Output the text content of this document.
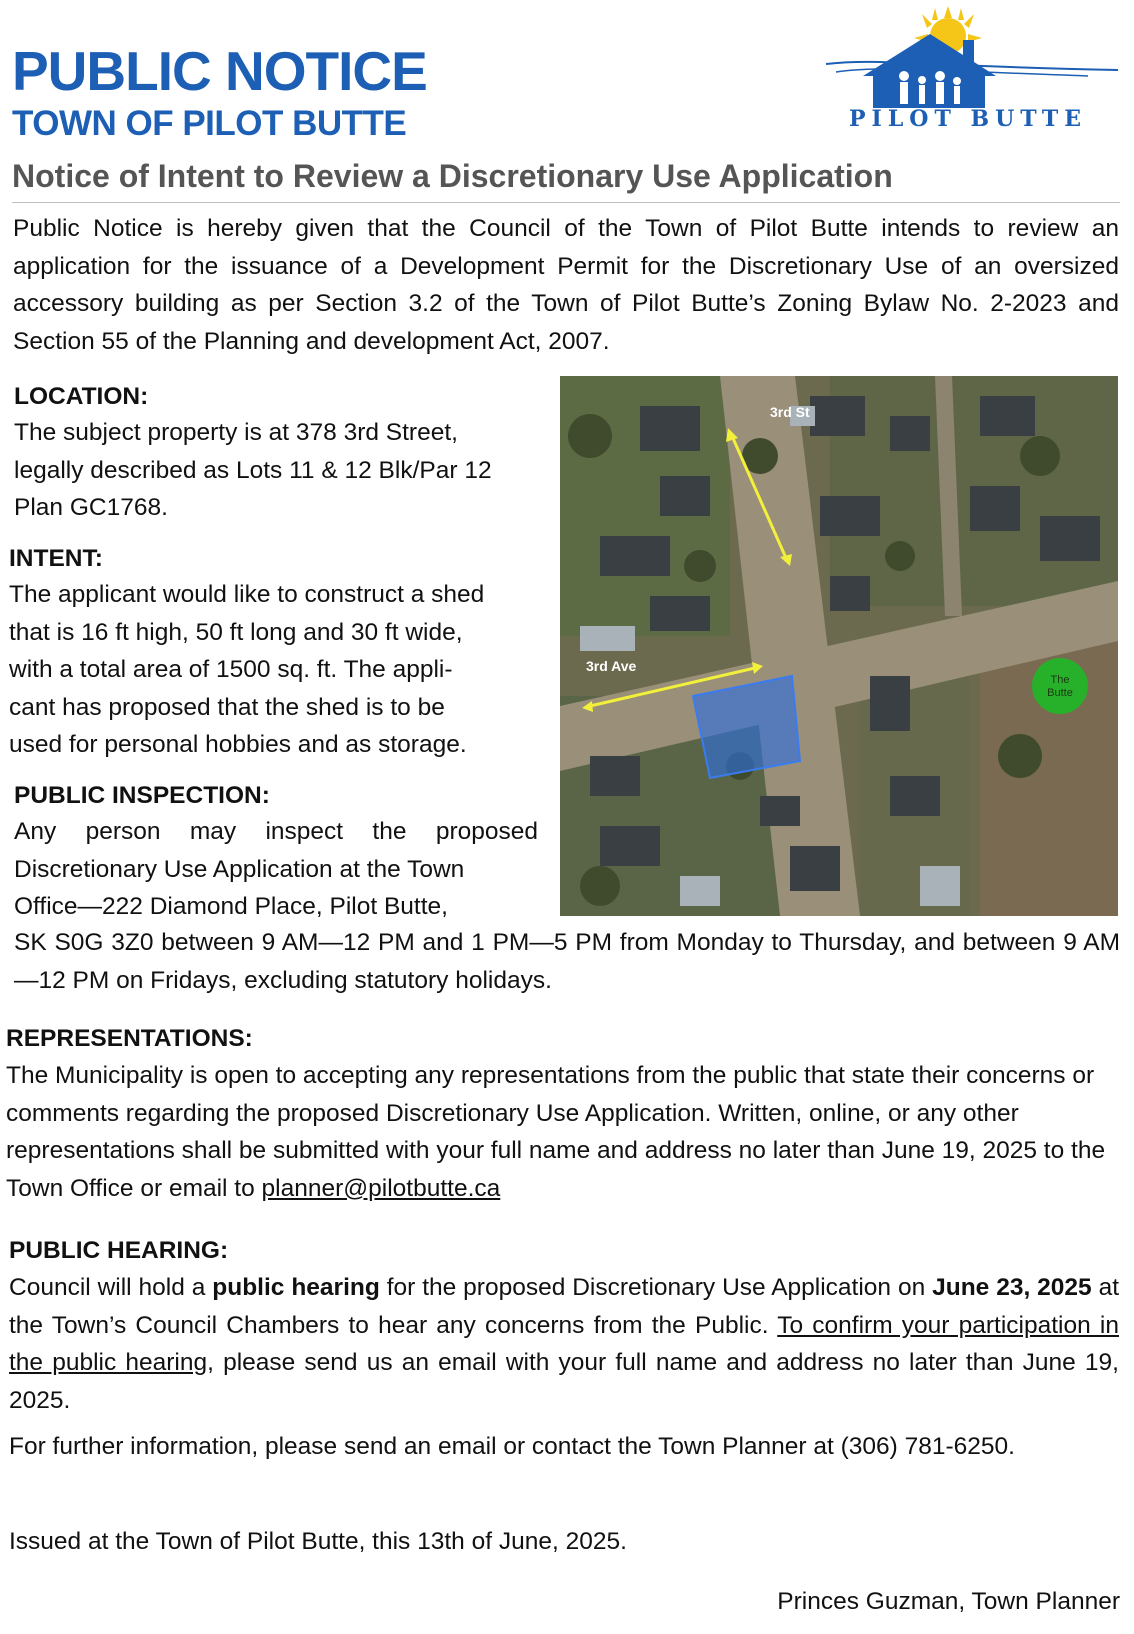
PUBLIC NOTICE
TOWN OF PILOT BUTTE	PILOT BUTTE
Notice of Intent to Review a Discretionary Use Application
Public Notice is hereby given that the Council of the Town of Pilot Butte intends to review an application for the issuance of a Development Permit for the Discretionary Use of an oversized accessory building as per Section 3.2 of the Town of Pilot Butte’s Zoning Bylaw No. 2-2023 and Section 55 of the Planning and development Act, 2007.
LOCATION:
The subject property is at 378 3rd Street,
legally described as Lots 11 & 12 Blk/Par 12
Plan GC1768.
INTENT:
The applicant would like to construct a shed
that is 16 ft high, 50 ft long and 30 ft wide,
with a total area of 1500 sq. ft. The appli-
cant has proposed that the shed is to be
used for personal hobbies and as storage.
PUBLIC INSPECTION:
Any person may inspect the proposed
Discretionary Use Application at the Town
Office—222 Diamond Place, Pilot Butte,
SK S0G 3Z0 between 9 AM—12 PM and 1 PM—5 PM from Monday to Thursday, and between 9 AM—12 PM on Fridays, excluding statutory holidays.
3rd St
3rd Ave
The
Butte
REPRESENTATIONS:
The Municipality is open to accepting any representations from the public that state their concerns or comments regarding the proposed Discretionary Use Application. Written, online, or any other representations shall be submitted with your full name and address no later than June 19, 2025 to the Town Office or email to planner@pilotbutte.ca
PUBLIC HEARING:
Council will hold a public hearing for the proposed Discretionary Use Application on June 23, 2025 at the Town’s Council Chambers to hear any concerns from the Public. To confirm your participation in the public hearing, please send us an email with your full name and address no later than June 19, 2025.
For further information, please send an email or contact the Town Planner at (306) 781-6250.
Issued at the Town of Pilot Butte, this 13th of June, 2025.
Princes Guzman, Town Planner
